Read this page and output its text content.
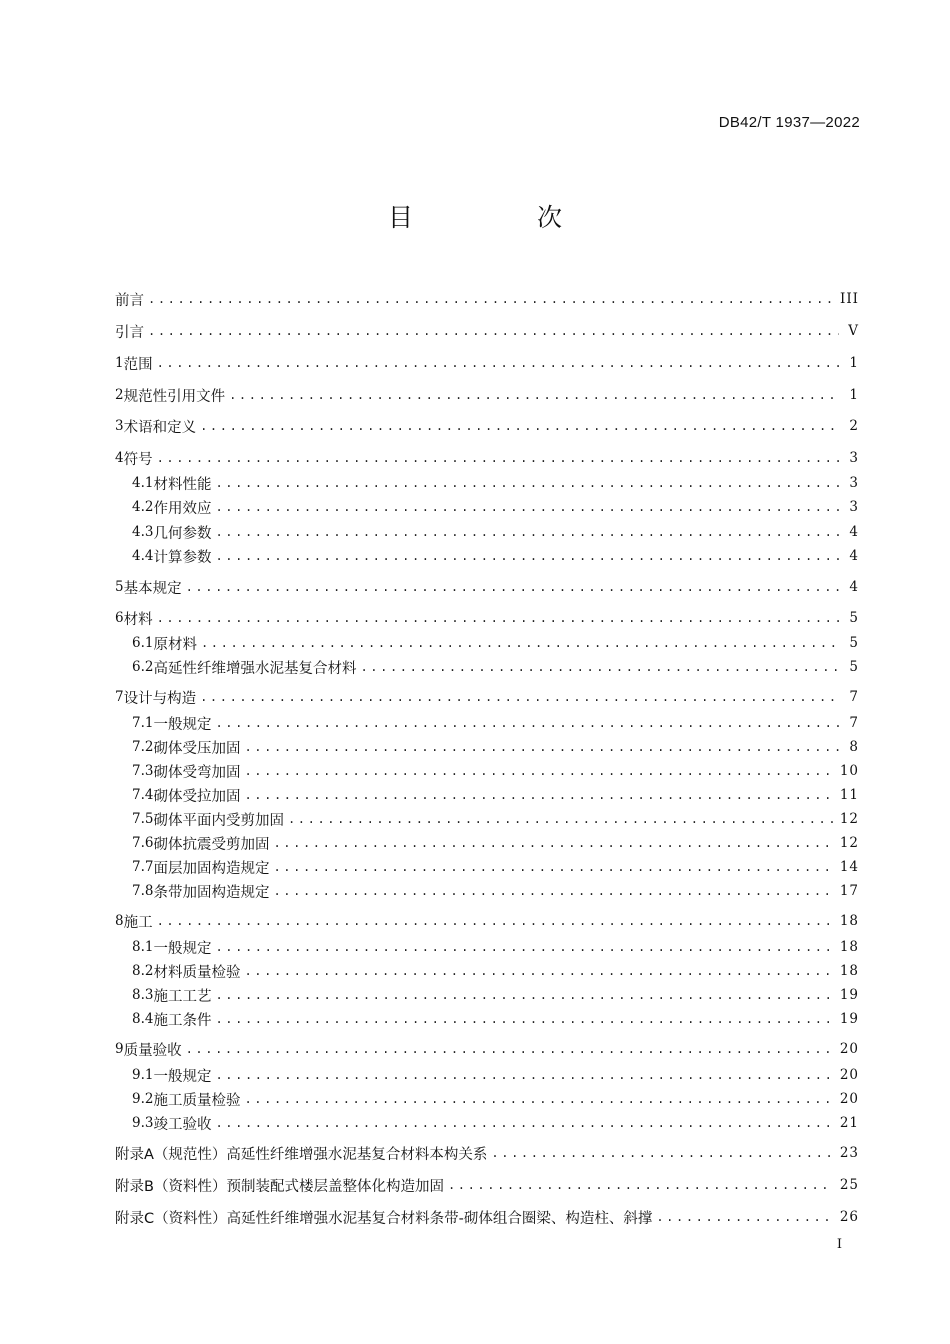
DB42/T 1937—2022
目 次
前言 .....	III
引言 .....	V
1 范围 .....	1
2 规范性引用文件 .....	1
3 术语和定义 .....	2
4 符号 .....	3
4.1 材料性能 .....	3
4.2 作用效应 .....	3
4.3 几何参数 .....	4
4.4 计算参数 .....	4
5 基本规定 .....	4
6 材料 .....	5
6.1 原材料 .....	5
6.2 高延性纤维增强水泥基复合材料 .....	5
7 设计与构造 .....	7
7.1 一般规定 .....	7
7.2 砌体受压加固 .....	8
7.3 砌体受弯加固 .....	10
7.4 砌体受拉加固 .....	11
7.5 砌体平面内受剪加固 .....	12
7.6 砌体抗震受剪加固 .....	12
7.7 面层加固构造规定 .....	14
7.8 条带加固构造规定 .....	17
8 施工 .....	18
8.1 一般规定 .....	18
8.2 材料质量检验 .....	18
8.3 施工工艺 .....	19
8.4 施工条件 .....	19
9 质量验收 .....	20
9.1 一般规定 .....	20
9.2 施工质量检验 .....	20
9.3 竣工验收 .....	21
附录A（规范性） 高延性纤维增强水泥基复合材料本构关系 .....	23
附录B（资料性） 预制装配式楼层盖整体化构造加固 .....	25
附录C（资料性） 高延性纤维增强水泥基复合材料条带-砌体组合圈梁、构造柱、斜撑 .....	26
I
